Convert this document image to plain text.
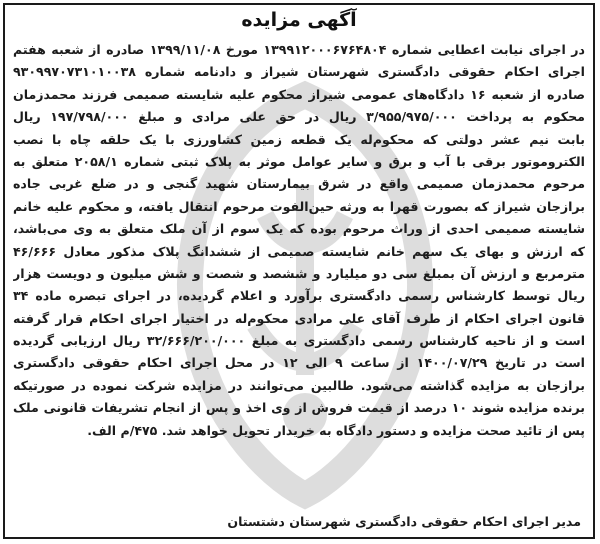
آگهی مزایده
در اجرای نیابت اعطایی شماره ۱۳۹۹۱۲۰۰۰۶۷۶۴۸۰۴ مورخ ۱۳۹۹/۱۱/۰۸ صادره از شعبه هفتم
اجرای احکام حقوقی دادگستری شهرستان شیراز و دادنامه شماره ۹۳۰۹۹۷۰۷۳۱۰۱۰۰۳۸
صادره از شعبه ۱۶ دادگاه‌های عمومی شیراز محکوم علیه شایسته صمیمی فرزند محمدزمان
محکوم به پرداخت ۳/۹۵۵/۹۷۵/۰۰۰ ریال در حق علی مرادی و مبلغ ۱۹۷/۷۹۸/۰۰۰ ریال
بابت نیم عشر دولتی که محکوم‌له یک قطعه زمین کشاورزی با یک حلقه چاه با نصب
الکتروموتور برقی با آب و برق و سایر عوامل موثر به پلاک ثبتی شماره ۲۰۵۸/۱ متعلق به
مرحوم محمدزمان صمیمی واقع در شرق بیمارستان شهید گنجی و در ضلع غربی جاده
برازجان شیراز که بصورت قهرا به ورثه حین‌الفوت مرحوم انتقال یافته، و محکوم علیه خانم
شایسته صمیمی احدی از وراث مرحوم بوده که یک سوم از آن ملک متعلق به وی می‌باشد،
که ارزش و بهای یک سهم خانم شایسته صمیمی از ششدانگ پلاک مذکور معادل ۴۶/۶۶۶
مترمربع و ارزش آن بمبلغ سی دو میلیارد و ششصد و شصت و شش میلیون و دویست هزار
ریال توسط کارشناس رسمی دادگستری برآورد و اعلام گردیده، در اجرای تبصره ماده ۳۴
قانون اجرای احکام از طرف آقای علی مرادی محکوم‌له در اختیار اجرای احکام قرار گرفته
است و از ناحیه کارشناس رسمی دادگستری به مبلغ ۳۲/۶۶۶/۲۰۰/۰۰۰ ریال ارزیابی گردیده
است در تاریخ ۱۴۰۰/۰۷/۲۹ از ساعت ۹ الی ۱۲ در محل اجرای احکام حقوقی دادگستری
برازجان به مزایده گذاشته می‌شود. طالبین می‌توانند در مزایده شرکت نموده در صورتیکه
برنده مزایده شوند ۱۰ درصد از قیمت فروش از وی اخذ و پس از انجام تشریفات قانونی ملک
پس از تائید صحت مزایده و دستور دادگاه به خریدار تحویل خواهد شد. ۴۷۵/م الف.
مدیر اجرای احکام حقوقی دادگستری شهرستان دشتستان
